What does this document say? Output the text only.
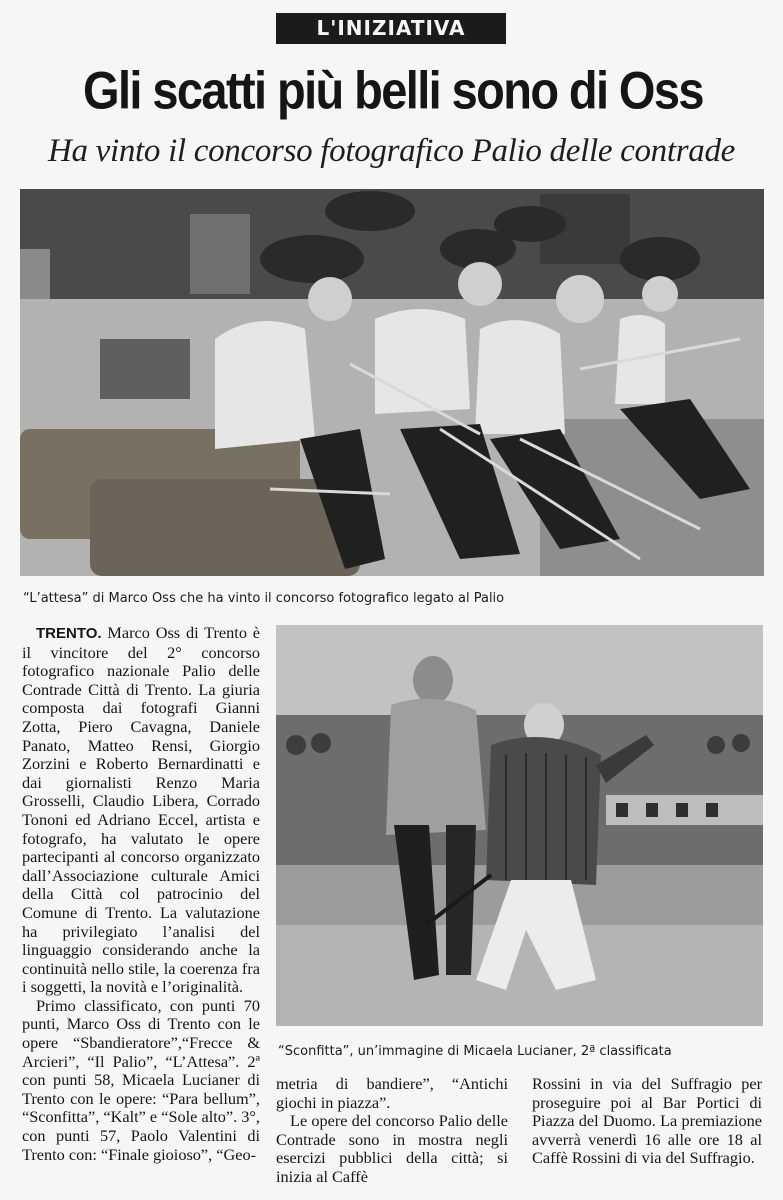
L'INIZIATIVA
Gli scatti più belli sono di Oss
Ha vinto il concorso fotografico Palio delle contrade
“L’attesa” di Marco Oss che ha vinto il concorso fotografico legato al Palio

TRENTO. Marco Oss di Trento è il vincitore del 2° concorso fotografico nazionale Palio delle Contrade Città di Trento. La giuria composta dai fotografi Gianni Zotta, Piero Cavagna, Daniele Panato, Matteo Rensi, Giorgio Zorzini e Roberto Bernardinatti e dai giornalisti Renzo Maria Grosselli, Claudio Libera, Corrado Tononi ed Adriano Eccel, artista e fotografo, ha valutato le opere partecipanti al concorso organizzato dall’Associazione culturale Amici della Città col patrocinio del Comune di Trento. La valutazione ha privilegiato l’analisi del linguaggio considerando anche la continuità nello stile, la coerenza fra i soggetti, la novità e l’originalità.

Primo classificato, con punti 70 punti, Marco Oss di Trento con le opere “Sbandieratore”,“Frecce & Arcieri”, “Il Palio”, “L’Attesa”. 2ª con punti 58, Micaela Lucianer di Trento con le opere: “Para bellum”, “Sconfitta”, “Kalt” e “Sole alto”. 3°, con punti 57, Paolo Valentini di Trento con: “Finale gioioso”, “Geo-

“Sconfitta”, un’immagine di Micaela Lucianer, 2ª classificata

metria di bandiere”, “Antichi giochi in piazza”.

Le opere del concorso Palio delle Contrade sono in mostra negli esercizi pubblici della città; si inizia al Caffè

Rossini in via del Suffragio per proseguire poi al Bar Portici di Piazza del Duomo. La premiazione avverrà venerdì 16 alle ore 18 al Caffè Rossini di via del Suffragio.
